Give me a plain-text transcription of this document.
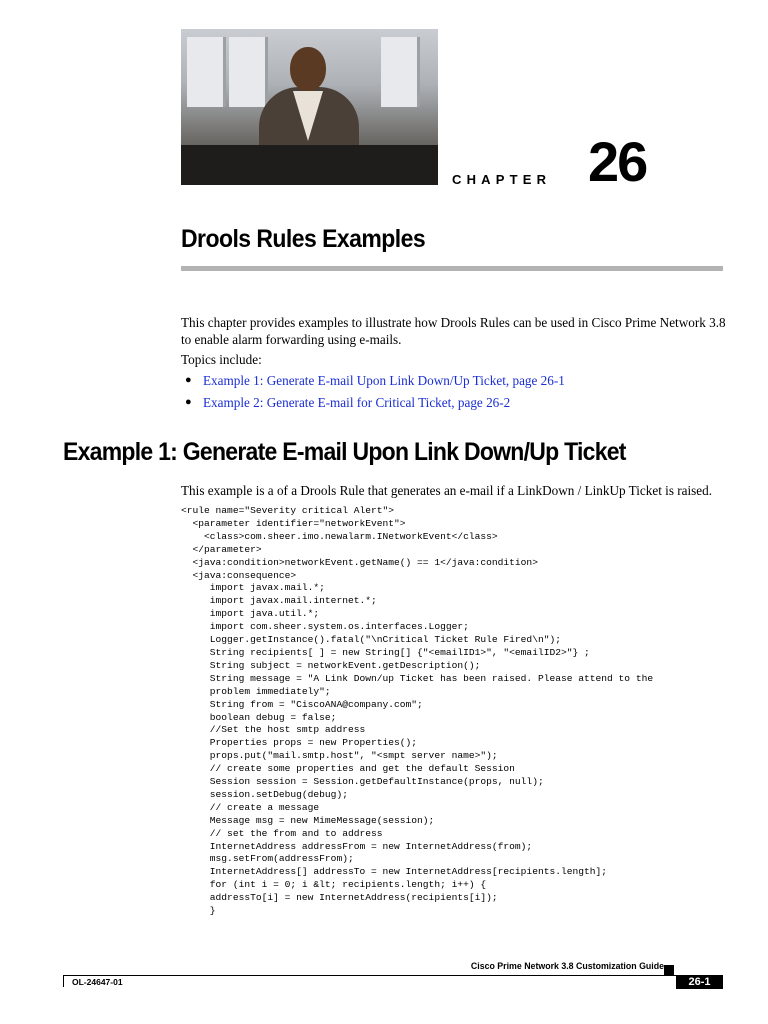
CHAPTER 26
Drools Rules Examples
This chapter provides examples to illustrate how Drools Rules can be used in Cisco Prime Network 3.8 to enable alarm forwarding using e-mails.
Topics include:
● Example 1: Generate E-mail Upon Link Down/Up Ticket, page 26-1
● Example 2: Generate E-mail for Critical Ticket, page 26-2
Example 1: Generate E-mail Upon Link Down/Up Ticket
This example is a of a Drools Rule that generates an e-mail if a LinkDown / LinkUp Ticket is raised.
<rule name="Severity critical Alert">
<parameter identifier="networkEvent">
<class>com.sheer.imo.newalarm.INetworkEvent</class>
</parameter>
<java:condition>networkEvent.getName() == 1</java:condition>
<java:consequence>
import javax.mail.*;
import javax.mail.internet.*;
import java.util.*;
import com.sheer.system.os.interfaces.Logger;
Logger.getInstance().fatal("\nCritical Ticket Rule Fired\n");
String recipients[ ] = new String[] {"<emailID1>", "<emailID2>"} ;
String subject = networkEvent.getDescription();
String message = "A Link Down/up Ticket has been raised. Please attend to the
problem immediately";
String from = "CiscoANA@company.com";
boolean debug = false;
//Set the host smtp address
Properties props = new Properties();
props.put("mail.smtp.host", "<smpt server name>");
// create some properties and get the default Session
Session session = Session.getDefaultInstance(props, null);
session.setDebug(debug);
// create a message
Message msg = new MimeMessage(session);
// set the from and to address
InternetAddress addressFrom = new InternetAddress(from);
msg.setFrom(addressFrom);
InternetAddress[] addressTo = new InternetAddress[recipients.length];
for (int i = 0; i &lt; recipients.length; i++) {
addressTo[i] = new InternetAddress(recipients[i]);
}
Cisco Prime Network 3.8 Customization Guide
OL-24647-01	26-1
